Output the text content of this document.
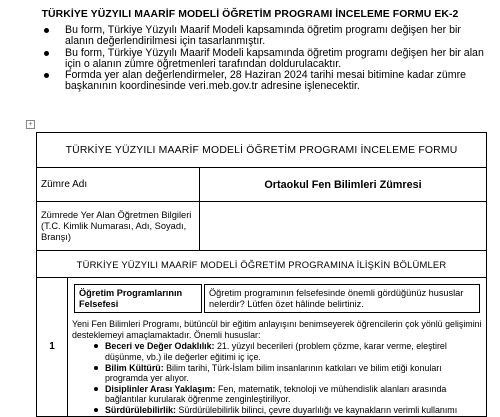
TÜRKİYE YÜZYILI MAARİF MODELİ ÖĞRETİM PROGRAMI İNCELEME FORMU EK-2
Bu form, Türkiye Yüzyılı Maarif Modeli kapsamında öğretim programı değişen her bir alanın değerlendirilmesi için tasarlanmıştır.
Bu form, Türkiye Yüzyılı Maarif Modeli kapsamında öğretim programı değişen her bir alan için o alanın zümre öğretmenleri tarafından doldurulacaktır.
Formda yer alan değerlendirmeler, 28 Haziran 2024 tarihi mesai bitimine kadar zümre başkanının koordinesinde veri.meb.gov.tr adresine işlenecektir.
+
TÜRKİYE YÜZYILI MAARİF MODELİ ÖĞRETİM PROGRAMI İNCELEME FORMU
Zümre Adı	Ortaokul Fen Bilimleri Zümresi
Zümrede Yer Alan Öğretmen Bilgileri (T.C. Kimlik Numarası, Adı, Soyadı, Branşı)	
TÜRKİYE YÜZYILI MAARİF MODELİ ÖĞRETİM PROGRAMINA İLİŞKİN BÖLÜMLER
1	
Öğretim Programlarının Felsefesi	Öğretim programının felsefesinde önemli gördüğünüz hususlar nelerdir? Lütfen özet hâlinde belirtiniz.
Yeni Fen Bilimleri Programı, bütüncül bir eğitim anlayışını benimseyerek öğrencilerin çok yönlü gelişimini desteklemeyi amaçlamaktadır. Önemli hususlar:
Beceri ve Değer Odaklılık: 21. yüzyıl becerileri (problem çözme, karar verme, eleştirel düşünme, vb.) ile değerler eğitimi iç içe.
Bilim Kültürü: Bilim tarihi, Türk-İslam bilim insanlarının katkıları ve bilim etiği konuları programda yer alıyor.
Disiplinler Arası Yaklaşım: Fen, matematik, teknoloji ve mühendislik alanları arasında bağlantılar kurularak öğrenme zenginleştiriliyor.
Sürdürülebilirlik: Sürdürülebilirlik bilinci, çevre duyarlılığı ve kaynakların verimli kullanımı
